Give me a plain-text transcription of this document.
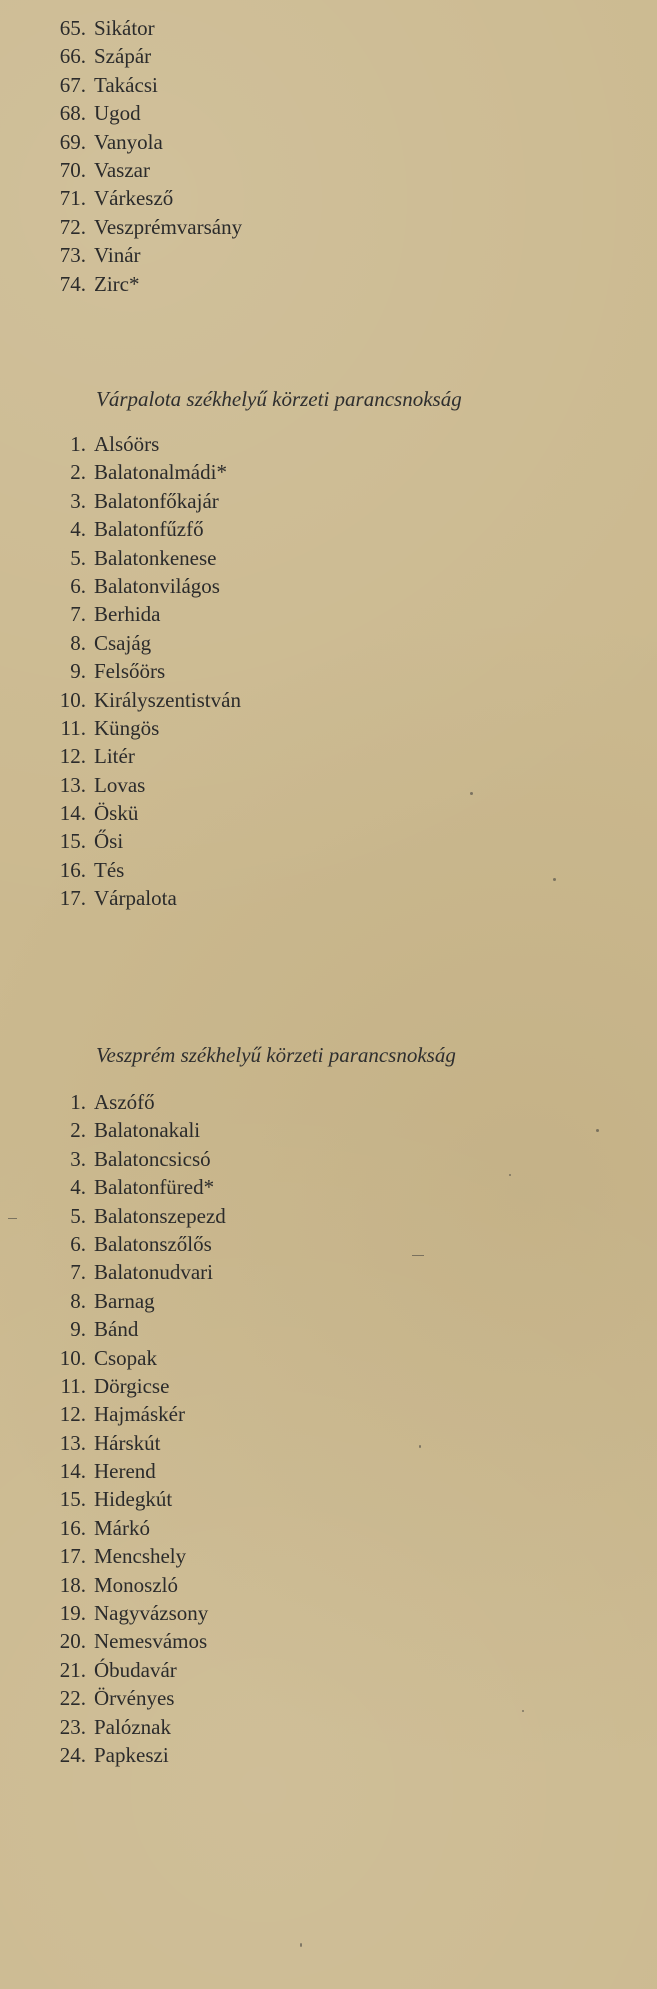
65. Sikátor
66. Szápár
67. Takácsi
68. Ugod
69. Vanyola
70. Vaszar
71. Várkesző
72. Veszprémvarsány
73. Vinár
74. Zirc*
Várpalota székhelyű körzeti parancsnokság
1. Alsóörs
2. Balatonalmádi*
3. Balatonfőkajár
4. Balatonfűzfő
5. Balatonkenese
6. Balatonvilágos
7. Berhida
8. Csajág
9. Felsőörs
10. Királyszentistván
11. Küngös
12. Litér
13. Lovas
14. Öskü
15. Ősi
16. Tés
17. Várpalota
Veszprém székhelyű körzeti parancsnokság
1. Aszófő
2. Balatonakali
3. Balatoncsicsó
4. Balatonfüred*
5. Balatonszepezd
6. Balatonszőlős
7. Balatonudvari
8. Barnag
9. Bánd
10. Csopak
11. Dörgicse
12. Hajmáskér
13. Hárskút
14. Herend
15. Hidegkút
16. Márkó
17. Mencshely
18. Monoszló
19. Nagyvázsony
20. Nemesvámos
21. Óbudavár
22. Örvényes
23. Palóznak
24. Papkeszi
